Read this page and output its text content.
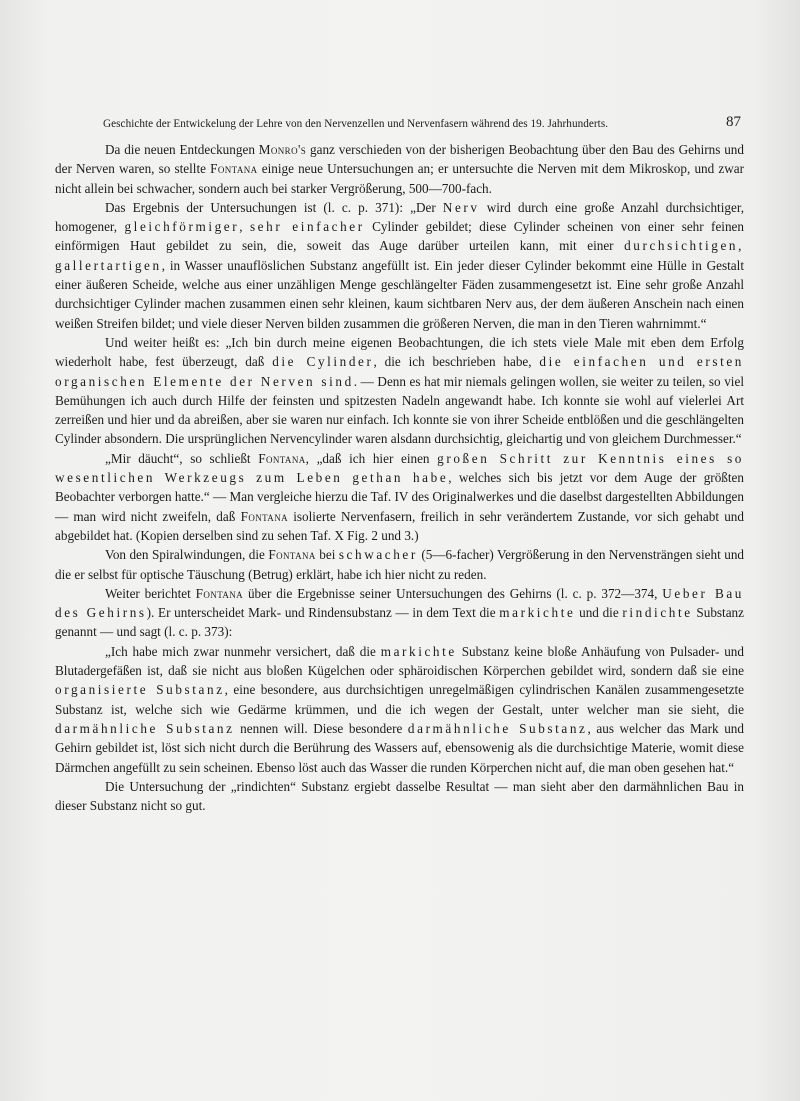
Geschichte der Entwickelung der Lehre von den Nervenzellen und Nervenfasern während des 19. Jahrhunderts.	87

Da die neuen Entdeckungen Monro's ganz verschieden von der bisherigen Beobachtung über den Bau des Gehirns und der Nerven waren, so stellte Fontana einige neue Untersuchungen an; er untersuchte die Nerven mit dem Mikroskop, und zwar nicht allein bei schwacher, sondern auch bei starker Vergrößerung, 500—700-fach.

Das Ergebnis der Untersuchungen ist (l. c. p. 371): „Der Nerv wird durch eine große Anzahl durchsichtiger, homogener, gleichförmiger, sehr einfacher Cylinder gebildet; diese Cylinder scheinen von einer sehr feinen einförmigen Haut gebildet zu sein, die, soweit das Auge darüber urteilen kann, mit einer durchsichtigen, gallertartigen, in Wasser unauflöslichen Substanz angefüllt ist. Ein jeder dieser Cylinder bekommt eine Hülle in Gestalt einer äußeren Scheide, welche aus einer unzähligen Menge geschlängelter Fäden zusammengesetzt ist. Eine sehr große Anzahl durchsichtiger Cylinder machen zusammen einen sehr kleinen, kaum sichtbaren Nerv aus, der dem äußeren Anschein nach einen weißen Streifen bildet; und viele dieser Nerven bilden zusammen die größeren Nerven, die man in den Tieren wahrnimmt.“

Und weiter heißt es: „Ich bin durch meine eigenen Beobachtungen, die ich stets viele Male mit eben dem Erfolg wiederholt habe, fest überzeugt, daß die Cylinder, die ich beschrieben habe, die einfachen und ersten organischen Elemente der Nerven sind. — Denn es hat mir niemals gelingen wollen, sie weiter zu teilen, so viel Bemühungen ich auch durch Hilfe der feinsten und spitzesten Nadeln angewandt habe. Ich konnte sie wohl auf vielerlei Art zerreißen und hier und da abreißen, aber sie waren nur einfach. Ich konnte sie von ihrer Scheide entblößen und die geschlängelten Cylinder absondern. Die ursprünglichen Nervencylinder waren alsdann durchsichtig, gleichartig und von gleichem Durchmesser.“

„Mir däucht“, so schließt Fontana, „daß ich hier einen großen Schritt zur Kenntnis eines so wesentlichen Werkzeugs zum Leben gethan habe, welches sich bis jetzt vor dem Auge der größten Beobachter verborgen hatte.“ — Man vergleiche hierzu die Taf. IV des Originalwerkes und die daselbst dargestellten Abbildungen — man wird nicht zweifeln, daß Fontana isolierte Nervenfasern, freilich in sehr verändertem Zustande, vor sich gehabt und abgebildet hat. (Kopien derselben sind zu sehen Taf. X Fig. 2 und 3.)

Von den Spiralwindungen, die Fontana bei schwacher (5—6-facher) Vergrößerung in den Nervensträngen sieht und die er selbst für optische Täuschung (Betrug) erklärt, habe ich hier nicht zu reden.

Weiter berichtet Fontana über die Ergebnisse seiner Untersuchungen des Gehirns (l. c. p. 372—374, Ueber Bau des Gehirns). Er unterscheidet Mark- und Rindensubstanz — in dem Text die markichte und die rindichte Substanz genannt — und sagt (l. c. p. 373):

„Ich habe mich zwar nunmehr versichert, daß die markichte Substanz keine bloße Anhäufung von Pulsader- und Blutadergefäßen ist, daß sie nicht aus bloßen Kügelchen oder sphäroidischen Körperchen gebildet wird, sondern daß sie eine organisierte Substanz, eine besondere, aus durchsichtigen unregelmäßigen cylindrischen Kanälen zusammengesetzte Substanz ist, welche sich wie Gedärme krümmen, und die ich wegen der Gestalt, unter welcher man sie sieht, die darmähnliche Substanz nennen will. Diese besondere darmähnliche Substanz, aus welcher das Mark und Gehirn gebildet ist, löst sich nicht durch die Berührung des Wassers auf, ebensowenig als die durchsichtige Materie, womit diese Därmchen angefüllt zu sein scheinen. Ebenso löst auch das Wasser die runden Körperchen nicht auf, die man oben gesehen hat.“

Die Untersuchung der „rindichten“ Substanz ergiebt dasselbe Resultat — man sieht aber den darmähnlichen Bau in dieser Substanz nicht so gut.
